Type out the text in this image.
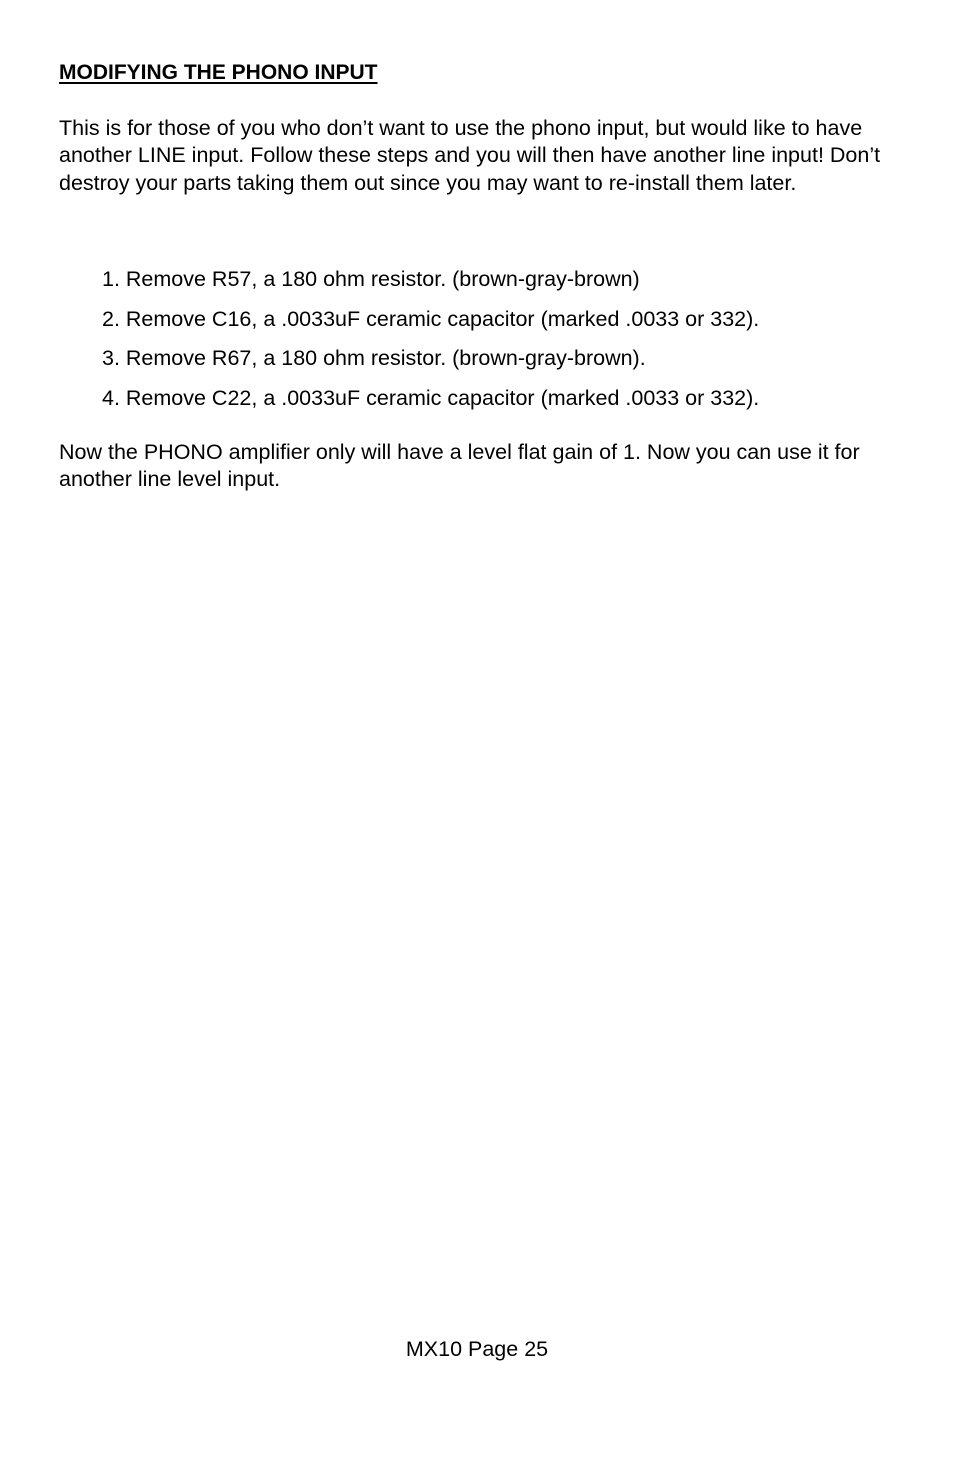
MODIFYING THE PHONO INPUT

This is for those of you who don’t want to use the phono input, but would like to have another LINE input. Follow these steps and you will then have another line input! Don’t destroy your parts taking them out since you may want to re-install them later.

1. Remove R57, a 180 ohm resistor. (brown-gray-brown)
2. Remove C16, a .0033uF ceramic capacitor (marked .0033 or 332).
3. Remove R67, a 180 ohm resistor. (brown-gray-brown).
4. Remove C22, a .0033uF ceramic capacitor (marked .0033 or 332).

Now the PHONO amplifier only will have a level flat gain of 1. Now you can use it for another line level input.

MX10 Page 25
